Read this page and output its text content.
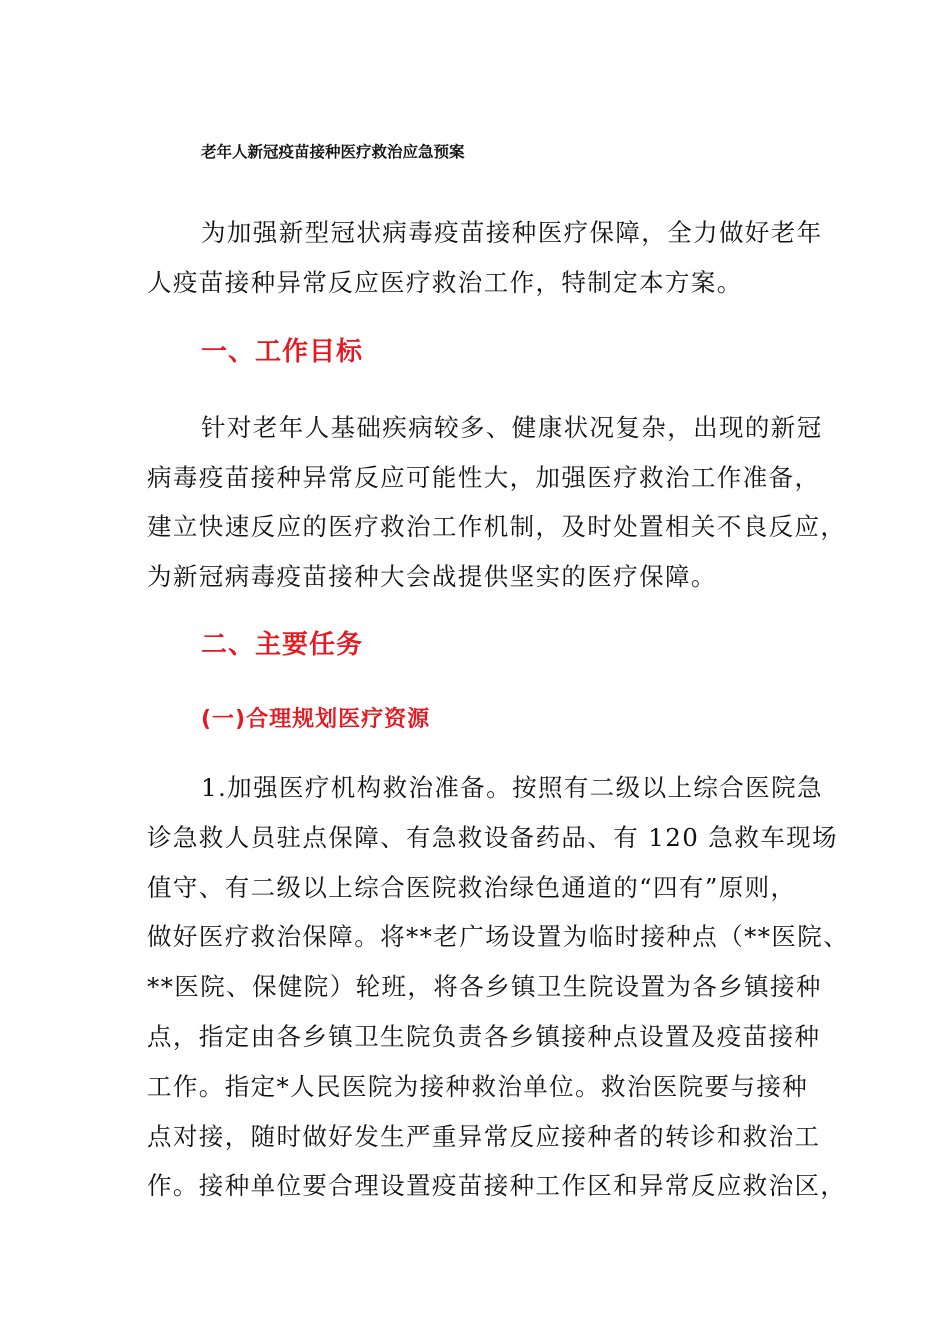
老年人新冠疫苗接种医疗救治应急预案
为加强新型冠状病毒疫苗接种医疗保障，全力做好老年
人疫苗接种异常反应医疗救治工作，特制定本方案。
一、工作目标
针对老年人基础疾病较多、健康状况复杂，出现的新冠
病毒疫苗接种异常反应可能性大，加强医疗救治工作准备，
建立快速反应的医疗救治工作机制，及时处置相关不良反应，
为新冠病毒疫苗接种大会战提供坚实的医疗保障。
二、主要任务
(一)合理规划医疗资源
1.加强医疗机构救治准备。按照有二级以上综合医院急
诊急救人员驻点保障、有急救设备药品、有 120 急救车现场
值守、有二级以上综合医院救治绿色通道的“四有”原则，
做好医疗救治保障。将**老广场设置为临时接种点（**医院、
**医院、保健院）轮班，将各乡镇卫生院设置为各乡镇接种
点，指定由各乡镇卫生院负责各乡镇接种点设置及疫苗接种
工作。指定*人民医院为接种救治单位。救治医院要与接种
点对接，随时做好发生严重异常反应接种者的转诊和救治工
作。接种单位要合理设置疫苗接种工作区和异常反应救治区，
